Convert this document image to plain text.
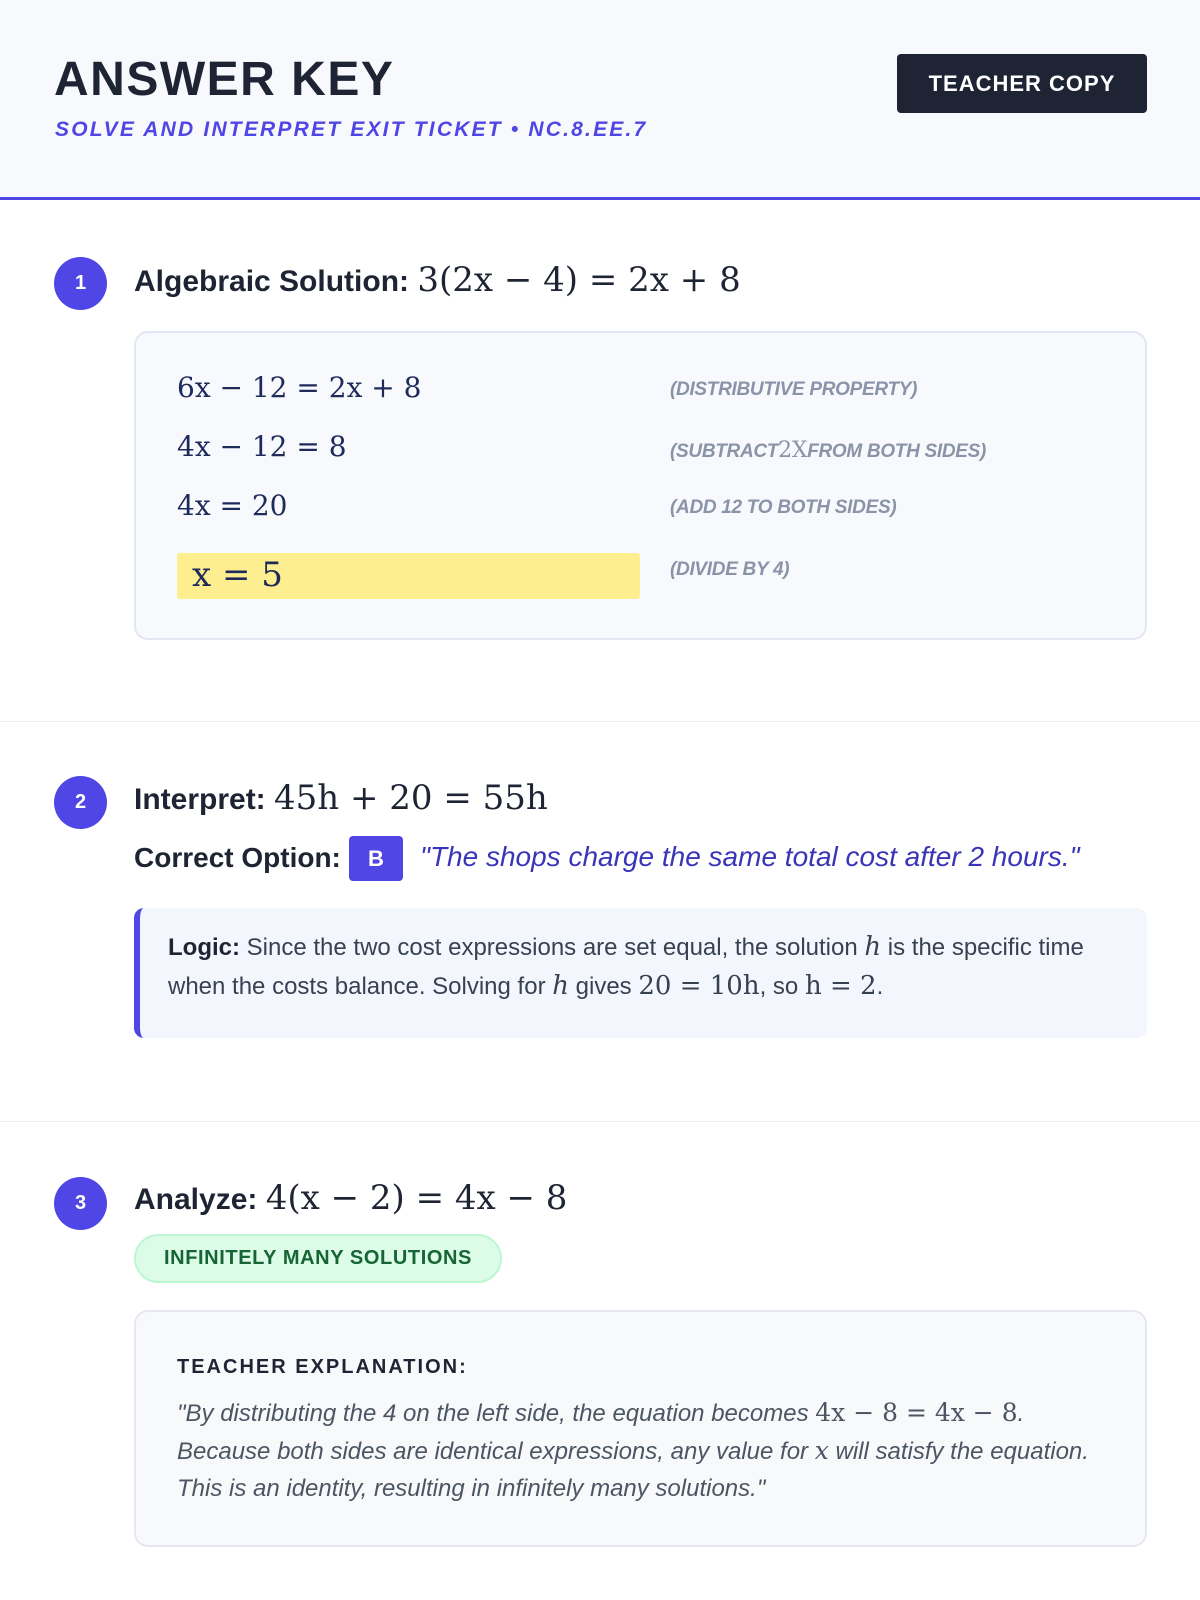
ANSWER KEY
SOLVE AND INTERPRET EXIT TICKET • NC.8.EE.7
TEACHER COPY
1	Algebraic Solution: 3(2x − 4) = 2x + 8
6x − 12 = 2x + 8	(DISTRIBUTIVE PROPERTY)
4x − 12 = 8	(SUBTRACT2XFROM BOTH SIDES)
4x = 20	(ADD 12 TO BOTH SIDES)
x = 5	(DIVIDE BY 4)
2	Interpret: 45h + 20 = 55h
Correct Option:	B	"The shops charge the same total cost after 2 hours."
Logic: Since the two cost expressions are set equal, the solution h is the specific time when the costs balance. Solving for h gives 20 = 10h, so h = 2.
3	Analyze: 4(x − 2) = 4x − 8
INFINITELY MANY SOLUTIONS
TEACHER EXPLANATION:
"By distributing the 4 on the left side, the equation becomes 4x − 8 = 4x − 8. Because both sides are identical expressions, any value for x will satisfy the equation. This is an identity, resulting in infinitely many solutions."
